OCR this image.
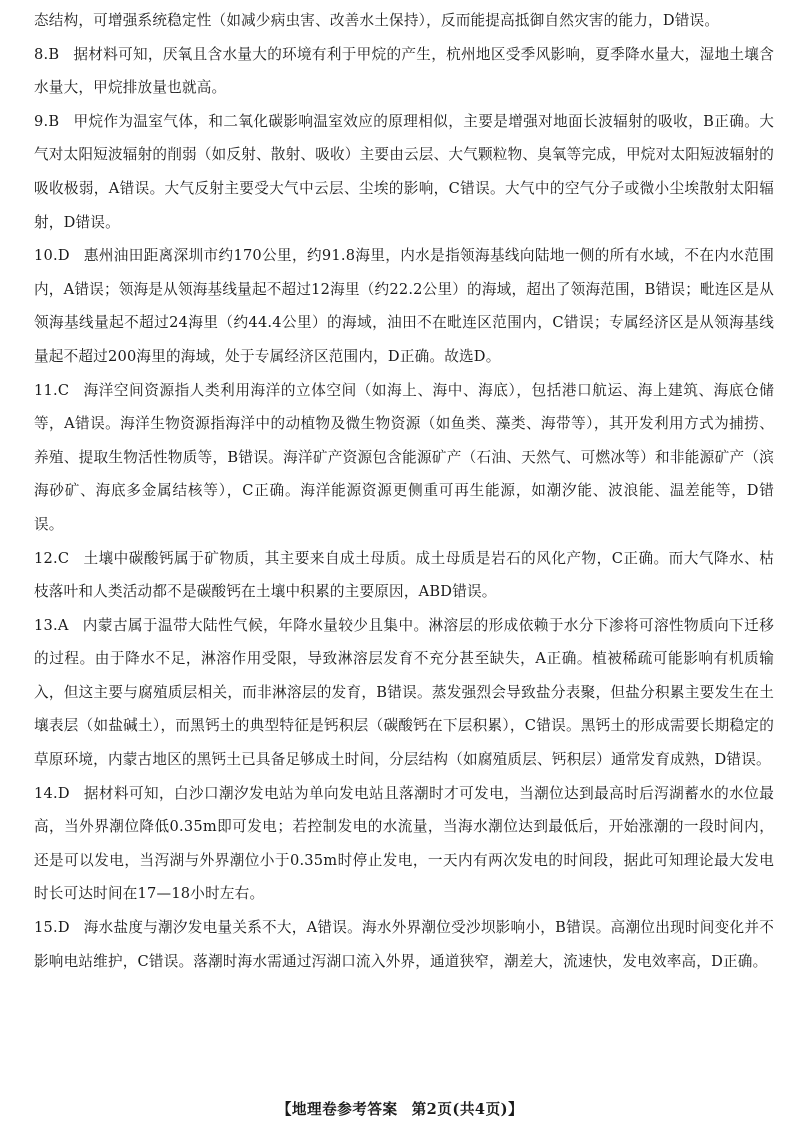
态结构，可增强系统稳定性（如减少病虫害、改善水土保持），反而能提高抵御自然灾害的能力，D错误。

8.B 据材料可知，厌氧且含水量大的环境有利于甲烷的产生，杭州地区受季风影响，夏季降水量大，湿地土壤含水量大，甲烷排放量也就高。

9.B 甲烷作为温室气体，和二氧化碳影响温室效应的原理相似，主要是增强对地面长波辐射的吸收，B正确。大气对太阳短波辐射的削弱（如反射、散射、吸收）主要由云层、大气颗粒物、臭氧等完成，甲烷对太阳短波辐射的吸收极弱，A错误。大气反射主要受大气中云层、尘埃的影响，C错误。大气中的空气分子或微小尘埃散射太阳辐射，D错误。

10.D 惠州油田距离深圳市约170公里，约91.8海里，内水是指领海基线向陆地一侧的所有水域，不在内水范围内，A错误；领海是从领海基线量起不超过12海里（约22.2公里）的海域，超出了领海范围，B错误；毗连区是从领海基线量起不超过24海里（约44.4公里）的海域，油田不在毗连区范围内，C错误；专属经济区是从领海基线量起不超过200海里的海域，处于专属经济区范围内，D正确。故选D。

11.C 海洋空间资源指人类利用海洋的立体空间（如海上、海中、海底），包括港口航运、海上建筑、海底仓储等，A错误。海洋生物资源指海洋中的动植物及微生物资源（如鱼类、藻类、海带等），其开发利用方式为捕捞、养殖、提取生物活性物质等，B错误。海洋矿产资源包含能源矿产（石油、天然气、可燃冰等）和非能源矿产（滨海砂矿、海底多金属结核等），C正确。海洋能源资源更侧重可再生能源，如潮汐能、波浪能、温差能等，D错误。

12.C 土壤中碳酸钙属于矿物质，其主要来自成土母质。成土母质是岩石的风化产物，C正确。而大气降水、枯枝落叶和人类活动都不是碳酸钙在土壤中积累的主要原因，ABD错误。

13.A 内蒙古属于温带大陆性气候，年降水量较少且集中。淋溶层的形成依赖于水分下渗将可溶性物质向下迁移的过程。由于降水不足，淋溶作用受限，导致淋溶层发育不充分甚至缺失，A正确。植被稀疏可能影响有机质输入，但这主要与腐殖质层相关，而非淋溶层的发育，B错误。蒸发强烈会导致盐分表聚，但盐分积累主要发生在土壤表层（如盐碱土），而黑钙土的典型特征是钙积层（碳酸钙在下层积累），C错误。黑钙土的形成需要长期稳定的草原环境，内蒙古地区的黑钙土已具备足够成土时间，分层结构（如腐殖质层、钙积层）通常发育成熟，D错误。

14.D 据材料可知，白沙口潮汐发电站为单向发电站且落潮时才可发电，当潮位达到最高时后泻湖蓄水的水位最高，当外界潮位降低0.35m即可发电；若控制发电的水流量，当海水潮位达到最低后，开始涨潮的一段时间内，还是可以发电，当泻湖与外界潮位小于0.35m时停止发电，一天内有两次发电的时间段，据此可知理论最大发电时长可达时间在17—18小时左右。

15.D 海水盐度与潮汐发电量关系不大，A错误。海水外界潮位受沙坝影响小，B错误。高潮位出现时间变化并不影响电站维护，C错误。落潮时海水需通过泻湖口流入外界，通道狭窄，潮差大，流速快，发电效率高，D正确。

【地理卷参考答案 第2页(共4页)】
